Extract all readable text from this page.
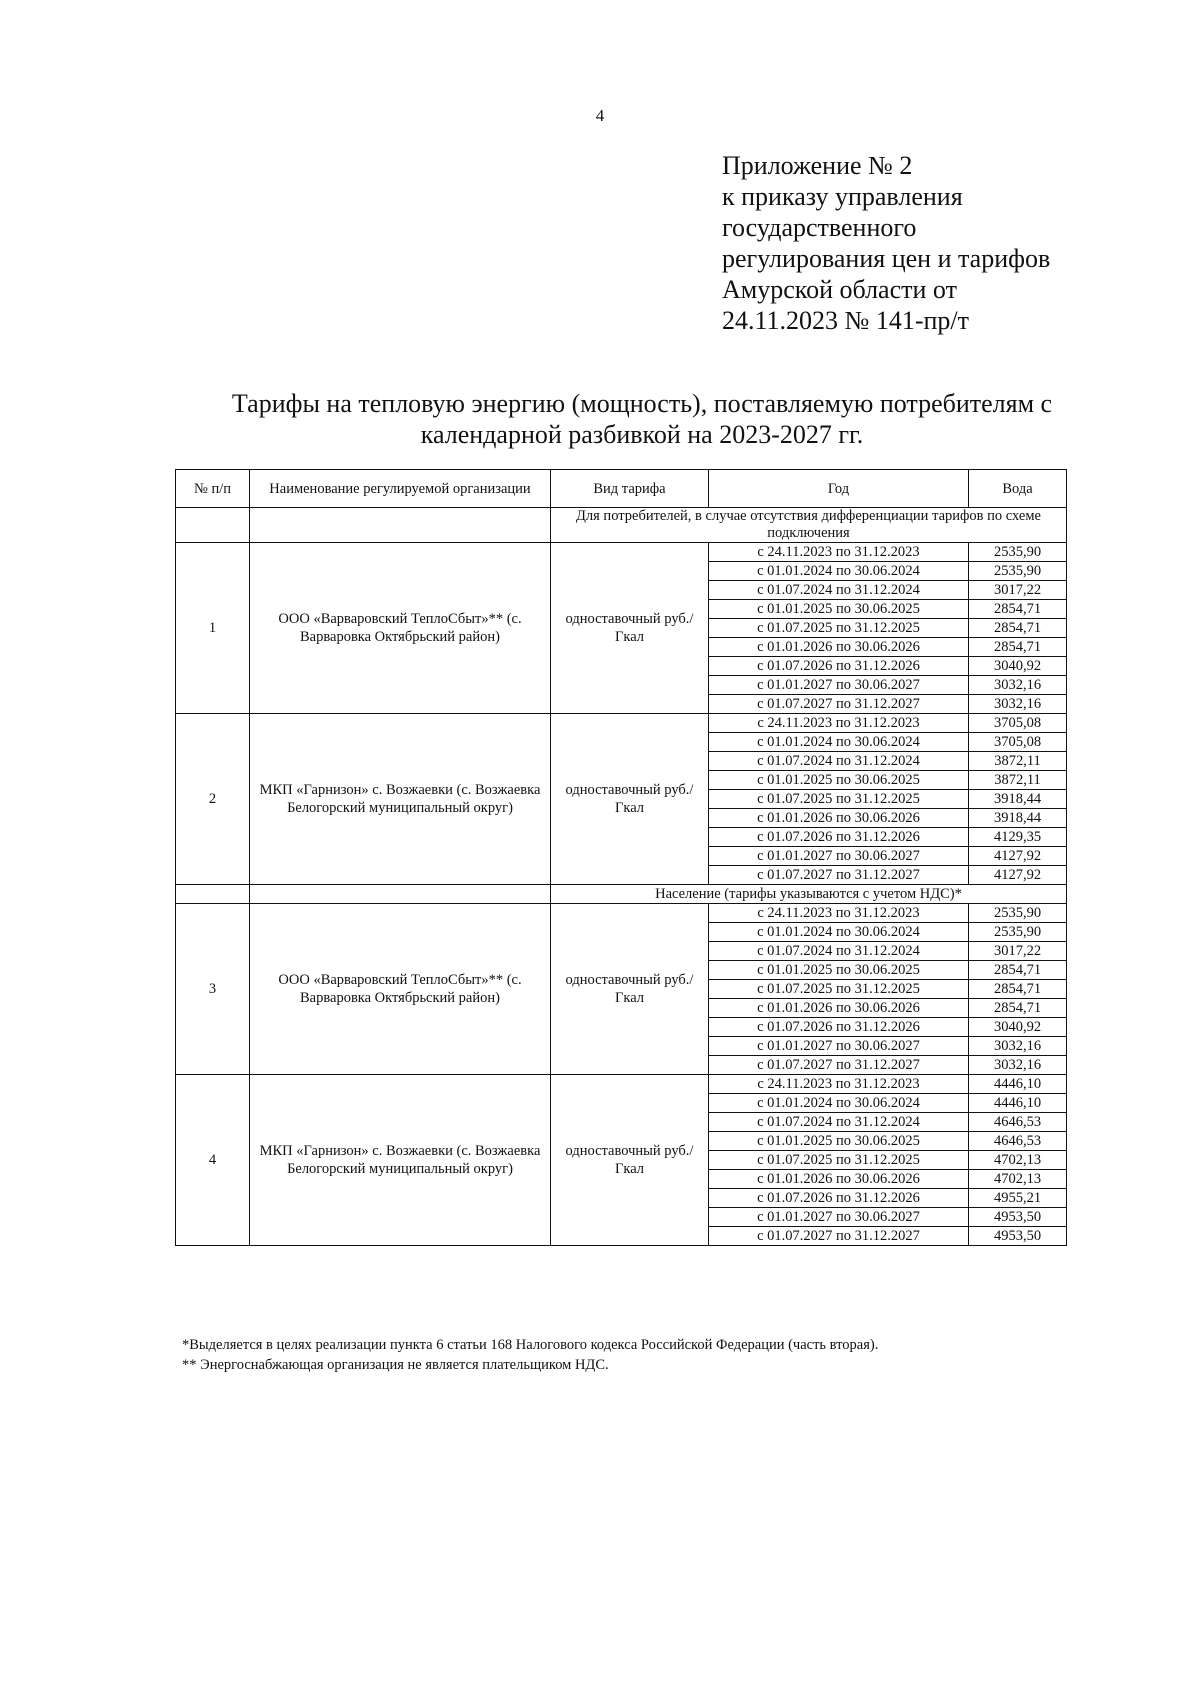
4
Приложение № 2
к приказу управления
государственного
регулирования цен и тарифов
Амурской области от
24.11.2023 № 141-пр/т
Тарифы на тепловую энергию (мощность), поставляемую потребителям с
календарной разбивкой на 2023-2027 гг.
№ п/п	Наименование регулируемой организации	Вид тарифа	Год	Вода
		Для потребителей, в случае отсутствия дифференциации тарифов по схеме подключения		
1	ООО «Варваровский ТеплоСбыт»** (с. Варваровка Октябрьский район)	одноставочный руб./Гкал	с 24.11.2023 по 31.12.2023	2535,90
			с 01.01.2024 по 30.06.2024	2535,90
			с 01.07.2024 по 31.12.2024	3017,22
			с 01.01.2025 по 30.06.2025	2854,71
			с 01.07.2025 по 31.12.2025	2854,71
			с 01.01.2026 по 30.06.2026	2854,71
			с 01.07.2026 по 31.12.2026	3040,92
			с 01.01.2027 по 30.06.2027	3032,16
			с 01.07.2027 по 31.12.2027	3032,16
2	МКП «Гарнизон» с. Возжаевки (с. Возжаевка Белогорский муниципальный округ)	одноставочный руб./Гкал	с 24.11.2023 по 31.12.2023	3705,08
			с 01.01.2024 по 30.06.2024	3705,08
			с 01.07.2024 по 31.12.2024	3872,11
			с 01.01.2025 по 30.06.2025	3872,11
			с 01.07.2025 по 31.12.2025	3918,44
			с 01.01.2026 по 30.06.2026	3918,44
			с 01.07.2026 по 31.12.2026	4129,35
			с 01.01.2027 по 30.06.2027	4127,92
			с 01.07.2027 по 31.12.2027	4127,92
		Население (тарифы указываются с учетом НДС)*		
3	ООО «Варваровский ТеплоСбыт»** (с. Варваровка Октябрьский район)	одноставочный руб./Гкал	с 24.11.2023 по 31.12.2023	2535,90
			с 01.01.2024 по 30.06.2024	2535,90
			с 01.07.2024 по 31.12.2024	3017,22
			с 01.01.2025 по 30.06.2025	2854,71
			с 01.07.2025 по 31.12.2025	2854,71
			с 01.01.2026 по 30.06.2026	2854,71
			с 01.07.2026 по 31.12.2026	3040,92
			с 01.01.2027 по 30.06.2027	3032,16
			с 01.07.2027 по 31.12.2027	3032,16
4	МКП «Гарнизон» с. Возжаевки (с. Возжаевка Белогорский муниципальный округ)	одноставочный руб./Гкал	с 24.11.2023 по 31.12.2023	4446,10
			с 01.01.2024 по 30.06.2024	4446,10
			с 01.07.2024 по 31.12.2024	4646,53
			с 01.01.2025 по 30.06.2025	4646,53
			с 01.07.2025 по 31.12.2025	4702,13
			с 01.01.2026 по 30.06.2026	4702,13
			с 01.07.2026 по 31.12.2026	4955,21
			с 01.01.2027 по 30.06.2027	4953,50
			с 01.07.2027 по 31.12.2027	4953,50
*Выделяется в целях реализации пункта 6 статьи 168 Налогового кодекса Российской Федерации (часть вторая).
** Энергоснабжающая организация не является плательщиком НДС.
